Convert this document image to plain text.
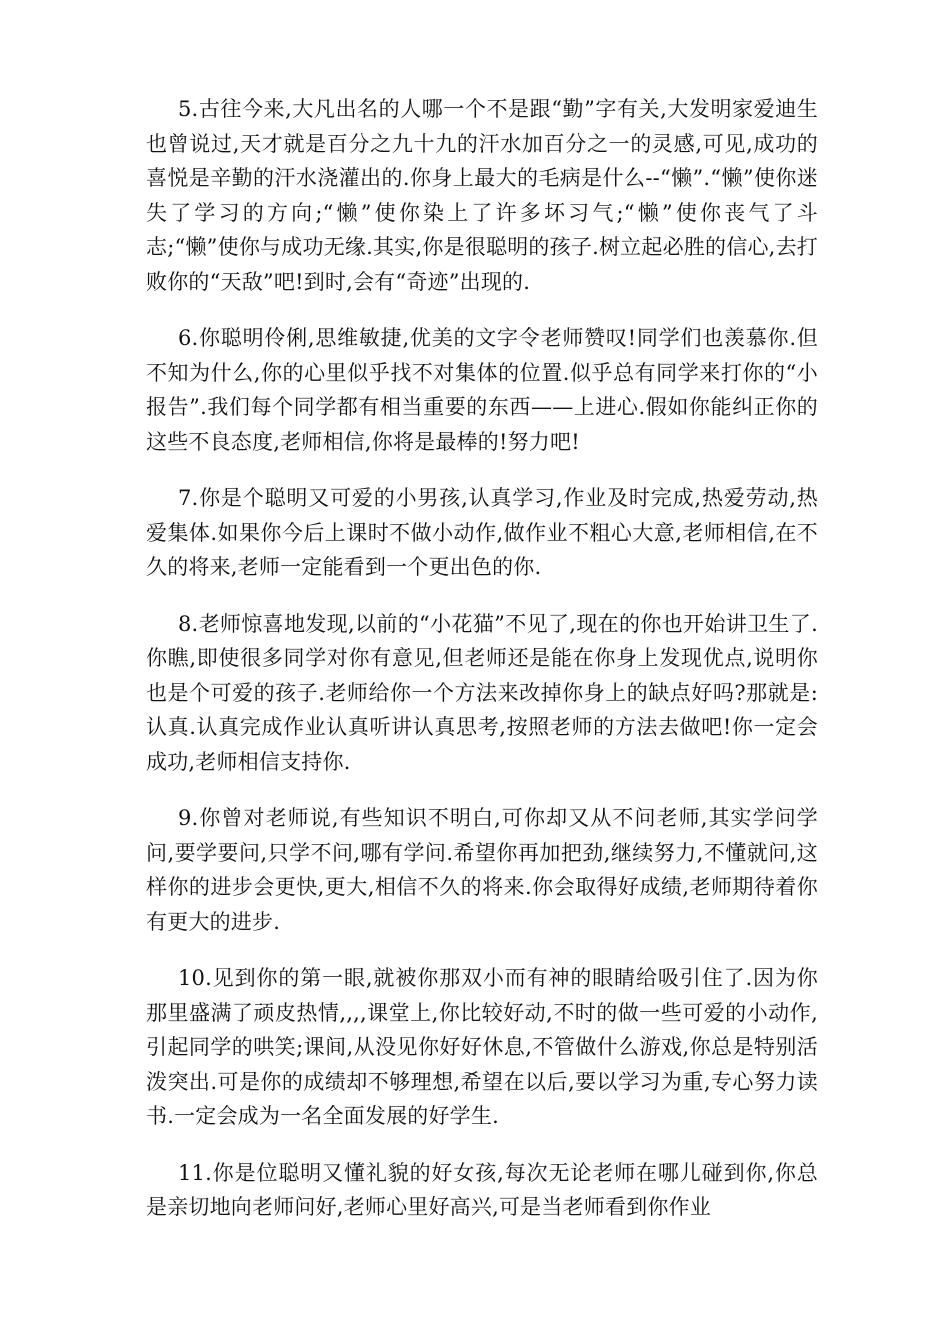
5.古往今来,大凡出名的人哪一个不是跟“勤”字有关,大发明家爱迪生也曾说过,天才就是百分之九十九的汗水加百分之一的灵感,可见,成功的喜悦是辛勤的汗水浇灌出的.你身上最大的毛病是什么--“懒”.“懒”使你迷失了学习的方向;“懒”使你染上了许多坏习气;“懒”使你丧气了斗志;“懒”使你与成功无缘.其实,你是很聪明的孩子.树立起必胜的信心,去打败你的“天敌”吧!到时,会有“奇迹”出现的.

6.你聪明伶俐,思维敏捷,优美的文字令老师赞叹!同学们也羡慕你.但不知为什么,你的心里似乎找不对集体的位置.似乎总有同学来打你的“小报告”.我们每个同学都有相当重要的东西——上进心.假如你能纠正你的这些不良态度,老师相信,你将是最棒的!努力吧!

7.你是个聪明又可爱的小男孩,认真学习,作业及时完成,热爱劳动,热爱集体.如果你今后上课时不做小动作,做作业不粗心大意,老师相信,在不久的将来,老师一定能看到一个更出色的你.

8.老师惊喜地发现,以前的“小花猫”不见了,现在的你也开始讲卫生了.你瞧,即使很多同学对你有意见,但老师还是能在你身上发现优点,说明你也是个可爱的孩子.老师给你一个方法来改掉你身上的缺点好吗?那就是:认真.认真完成作业认真听讲认真思考,按照老师的方法去做吧!你一定会成功,老师相信支持你.

9.你曾对老师说,有些知识不明白,可你却又从不问老师,其实学问学问,要学要问,只学不问,哪有学问.希望你再加把劲,继续努力,不懂就问,这样你的进步会更快,更大,相信不久的将来.你会取得好成绩,老师期待着你有更大的进步.

10.见到你的第一眼,就被你那双小而有神的眼睛给吸引住了.因为你那里盛满了顽皮热情,,,,课堂上,你比较好动,不时的做一些可爱的小动作,引起同学的哄笑;课间,从没见你好好休息,不管做什么游戏,你总是特别活泼突出.可是你的成绩却不够理想,希望在以后,要以学习为重,专心努力读书.一定会成为一名全面发展的好学生.

11.你是位聪明又懂礼貌的好女孩,每次无论老师在哪儿碰到你,你总是亲切地向老师问好,老师心里好高兴,可是当老师看到你作业
